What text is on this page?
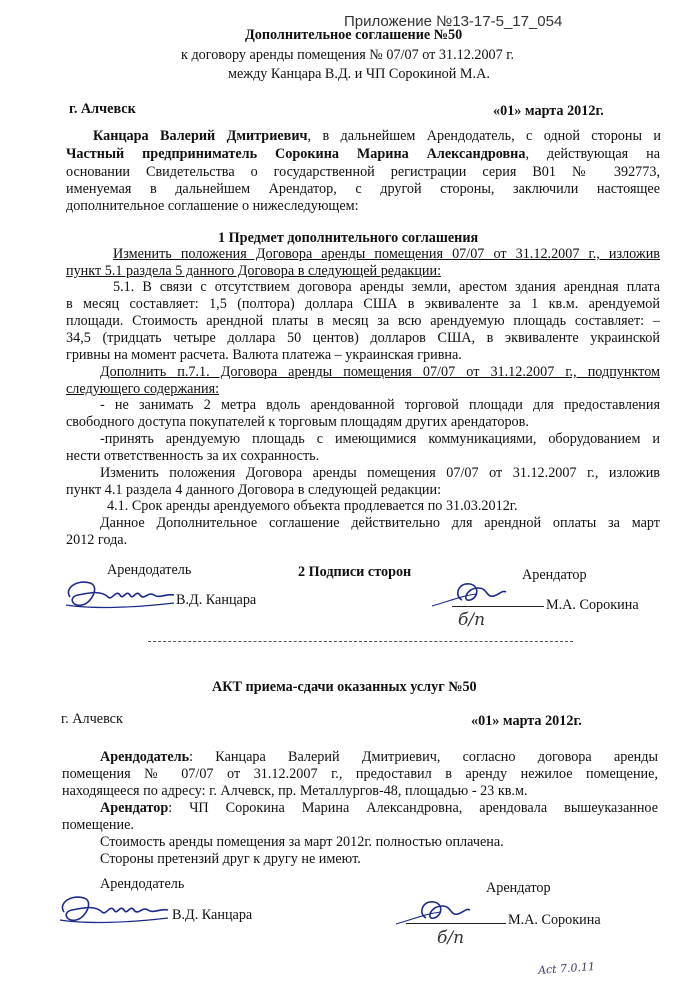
Приложение №13-17-5_17_054
Дополнительное соглашение №50
к договору аренды помещения № 07/07 от 31.12.2007 г.
между Канцара В.Д. и ЧП Сорокиной М.А.
г. Алчевск	«01» марта 2012г.
Канцара Валерий Дмитриевич, в дальнейшем Арендодатель, с одной стороны и
Частный предприниматель Сорокина Марина Александровна, действующая на
основании Свидетельства о государственной регистрации серия В01 № 392773,
именуемая в дальнейшем Арендатор, с другой стороны, заключили настоящее
дополнительное соглашение о нижеследующем:
1 Предмет дополнительного соглашения
Изменить положения Договора аренды помещения 07/07 от 31.12.2007 г., изложив
пункт 5.1 раздела 5 данного Договора в следующей редакции:
5.1. В связи с отсутствием договора аренды земли, арестом здания арендная плата
в месяц составляет: 1,5 (полтора) доллара США в эквиваленте за 1 кв.м. арендуемой
площади. Стоимость арендной платы в месяц за всю арендуемую площадь составляет: –
34,5 (тридцать четыре доллара 50 центов) долларов США, в эквиваленте украинской
гривны на момент расчета. Валюта платежа – украинская гривна.
Дополнить п.7.1. Договора аренды помещения 07/07 от 31.12.2007 г., подпунктом
следующего содержания:
- не занимать 2 метра вдоль арендованной торговой площади для предоставления
свободного доступа покупателей к торговым площадям других арендаторов.
-принять арендуемую площадь с имеющимися коммуникациями, оборудованием и
нести ответственность за их сохранность.
Изменить положения Договора аренды помещения 07/07 от 31.12.2007 г., изложив
пункт 4.1 раздела 4 данного Договора в следующей редакции:
4.1. Срок аренды арендуемого объекта продлевается по 31.03.2012г.
Данное Дополнительное соглашение действительно для арендной оплаты за март
2012 года.
2 Подписи сторон
Арендодатель	Арендатор
В.Д. Канцара	М.А. Сорокина
б/п
АКТ приема-сдачи оказанных услуг №50
г. Алчевск	«01» марта 2012г.
Арендодатель: Канцара Валерий Дмитриевич, согласно договора аренды
помещения № 07/07 от 31.12.2007 г., предоставил в аренду нежилое помещение,
находящееся по адресу: г. Алчевск, пр. Металлургов-48, площадью - 23 кв.м.
Арендатор: ЧП Сорокина Марина Александровна, арендовала вышеуказанное
помещение.
Стоимость аренды помещения за март 2012г. полностью оплачена.
Стороны претензий друг к другу не имеют.
Арендодатель	Арендатор
В.Д. Канцара	М.А. Сорокина
б/п
Act 7.0.11
